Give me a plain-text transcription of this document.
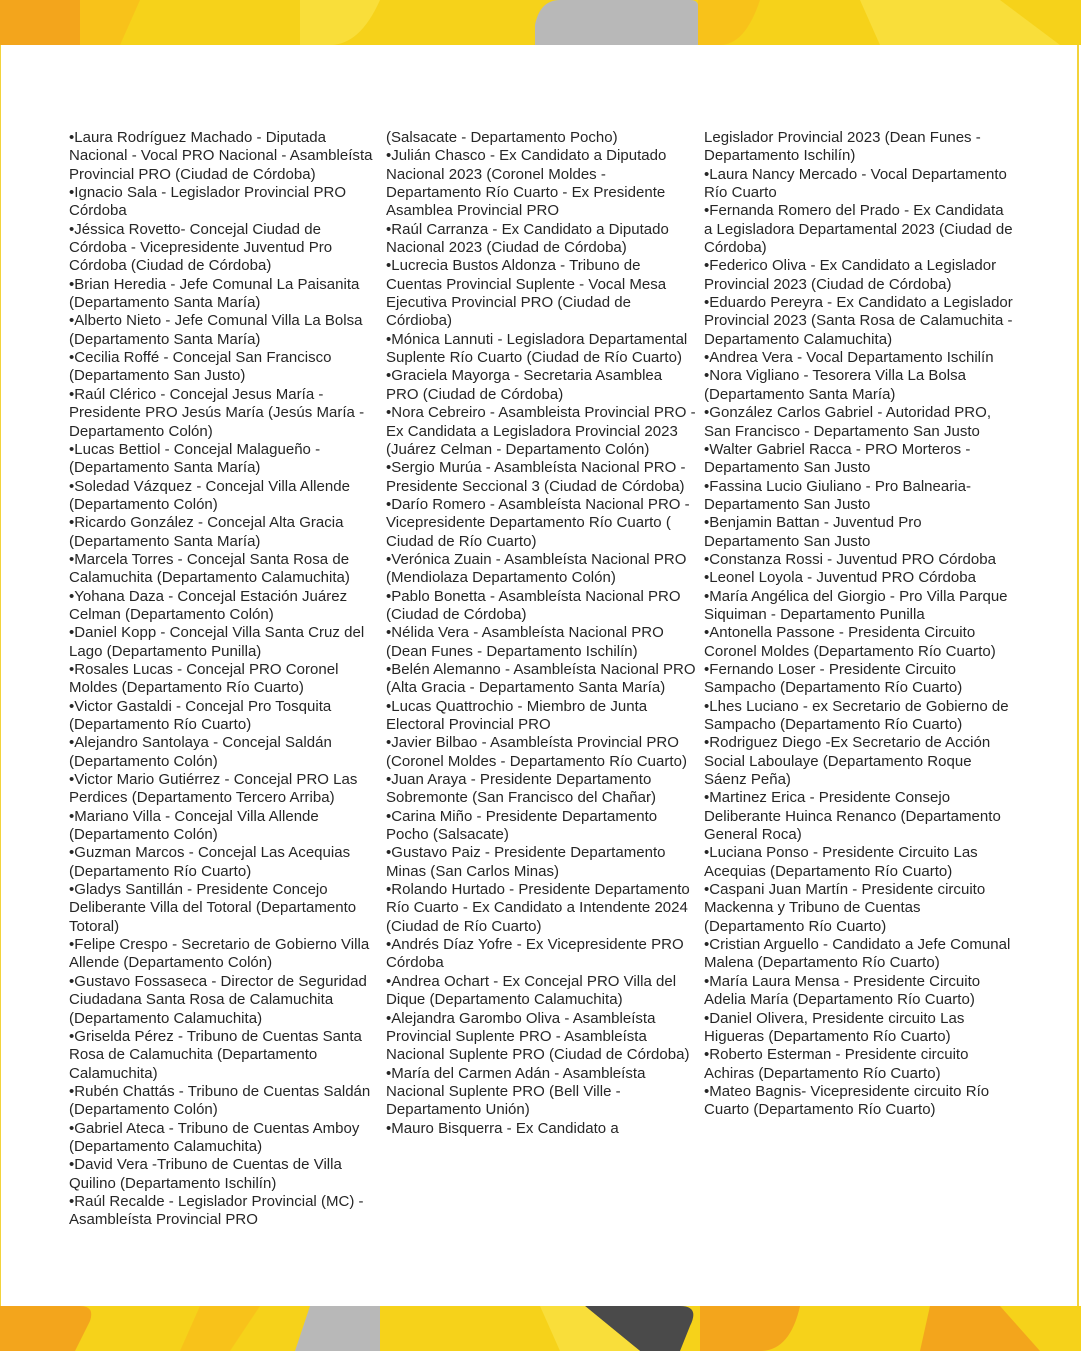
•Laura Rodríguez Machado - Diputada Nacional - Vocal PRO Nacional - Asambleísta Provincial PRO (Ciudad de Córdoba)

•Ignacio Sala - Legislador Provincial PRO Córdoba

•Jéssica Rovetto- Concejal Ciudad de Córdoba - Vicepresidente Juventud Pro Córdoba (Ciudad de Córdoba)

•Brian Heredia - Jefe Comunal La Paisanita (Departamento Santa María)

•Alberto Nieto - Jefe Comunal Villa La Bolsa (Departamento Santa María)

•Cecilia Roffé - Concejal San Francisco (Departamento San Justo)

•Raúl Clérico - Concejal Jesus María - Presidente PRO Jesús María (Jesús María - Departamento Colón)

•Lucas Bettiol - Concejal Malagueño - (Departamento Santa María)

•Soledad Vázquez - Concejal Villa Allende (Departamento Colón)

•Ricardo González - Concejal Alta Gracia (Departamento Santa María)

•Marcela Torres - Concejal Santa Rosa de Calamuchita (Departamento Calamuchita)

•Yohana Daza - Concejal Estación Juárez Celman (Departamento Colón)

•Daniel Kopp - Concejal Villa Santa Cruz del Lago (Departamento Punilla)

•Rosales Lucas - Concejal PRO Coronel Moldes (Departamento Río Cuarto)

•Victor Gastaldi - Concejal Pro Tosquita (Departamento Río Cuarto)

•Alejandro Santolaya - Concejal Saldán (Departamento Colón)

•Victor Mario Gutiérrez - Concejal PRO Las Perdices (Departamento Tercero Arriba)

•Mariano Villa - Concejal Villa Allende (Departamento Colón)

•Guzman Marcos - Concejal Las Acequias (Departamento Río Cuarto)

•Gladys Santillán - Presidente Concejo Deliberante Villa del Totoral (Departamento Totoral)

•Felipe Crespo - Secretario de Gobierno Villa Allende (Departamento Colón)

•Gustavo Fossaseca - Director de Seguridad Ciudadana Santa Rosa de Calamuchita (Departamento Calamuchita)

•Griselda Pérez - Tribuno de Cuentas Santa Rosa de Calamuchita (Departamento Calamuchita)

•Rubén Chattás - Tribuno de Cuentas Saldán (Departamento Colón)

•Gabriel Ateca - Tribuno de Cuentas Amboy (Departamento Calamuchita)

•David Vera -Tribuno de Cuentas de Villa Quilino (Departamento Ischilín)

•Raúl Recalde - Legislador Provincial (MC) - Asambleísta Provincial PRO

(Salsacate - Departamento Pocho)

•Julián Chasco - Ex Candidato a Diputado Nacional 2023 (Coronel Moldes - Departamento Río Cuarto - Ex Presidente Asamblea Provincial PRO

•Raúl Carranza - Ex Candidato a Diputado Nacional 2023 (Ciudad de Córdoba)

•Lucrecia Bustos Aldonza - Tribuno de Cuentas Provincial Suplente - Vocal Mesa Ejecutiva Provincial PRO (Ciudad de Córdioba)

•Mónica Lannuti - Legisladora Departamental Suplente Río Cuarto (Ciudad de Río Cuarto)

•Graciela Mayorga - Secretaria Asamblea PRO (Ciudad de Córdoba)

•Nora Cebreiro - Asambleista Provincial PRO - Ex Candidata a Legisladora Provincial 2023 (Juárez Celman - Departamento Colón)

•Sergio Murúa - Asambleísta Nacional PRO - Presidente Seccional 3 (Ciudad de Córdoba)

•Darío Romero - Asambleísta Nacional PRO - Vicepresidente Departamento Río Cuarto ( Ciudad de Río Cuarto)

•Verónica Zuain - Asambleísta Nacional PRO (Mendiolaza Departamento Colón)

•Pablo Bonetta - Asambleísta Nacional PRO (Ciudad de Córdoba)

•Nélida Vera - Asambleísta Nacional PRO (Dean Funes - Departamento Ischilín)

•Belén Alemanno - Asambleísta Nacional PRO (Alta Gracia - Departamento Santa María)

•Lucas Quattrochio - Miembro de Junta Electoral Provincial PRO

•Javier Bilbao - Asambleísta Provincial PRO (Coronel Moldes - Departamento Río Cuarto)

•Juan Araya - Presidente Departamento Sobremonte (San Francisco del Chañar)

•Carina Miño - Presidente Departamento Pocho (Salsacate)

•Gustavo Paiz - Presidente Departamento Minas (San Carlos Minas)

•Rolando Hurtado - Presidente Departamento Río Cuarto - Ex Candidato a Intendente 2024 (Ciudad de Río Cuarto)

•Andrés Díaz Yofre - Ex Vicepresidente PRO Córdoba

•Andrea Ochart - Ex Concejal PRO Villa del Dique (Departamento Calamuchita)

•Alejandra Garombo Oliva - Asambleísta Provincial Suplente PRO - Asambleísta Nacional Suplente PRO (Ciudad de Córdoba)

•María del Carmen Adán - Asambleísta Nacional Suplente PRO (Bell Ville - Departamento Unión)

•Mauro Bisquerra - Ex Candidato a

Legislador Provincial 2023 (Dean Funes - Departamento Ischilín)

•Laura Nancy Mercado - Vocal Departamento Río Cuarto

•Fernanda Romero del Prado - Ex Candidata a Legisladora Departamental 2023 (Ciudad de Córdoba)

•Federico Oliva - Ex Candidato a Legislador Provincial 2023 (Ciudad de Córdoba)

•Eduardo Pereyra - Ex Candidato a Legislador Provincial 2023 (Santa Rosa de Calamuchita - Departamento Calamuchita)

•Andrea Vera - Vocal Departamento Ischilín

•Nora Vigliano - Tesorera Villa La Bolsa (Departamento Santa María)

•González Carlos Gabriel - Autoridad PRO, San Francisco - Departamento San Justo

•Walter Gabriel Racca - PRO Morteros - Departamento San Justo

•Fassina Lucio Giuliano - Pro Balnearia-Departamento San Justo

•Benjamin Battan - Juventud Pro Departamento San Justo

•Constanza Rossi - Juventud PRO Córdoba

•Leonel Loyola - Juventud PRO Córdoba

•María Angélica del Giorgio - Pro Villa Parque Siquiman - Departamento Punilla

•Antonella Passone - Presidenta Circuito Coronel Moldes (Departamento Río Cuarto)

•Fernando Loser - Presidente Circuito Sampacho (Departamento Río Cuarto)

•Lhes Luciano - ex Secretario de Gobierno de Sampacho (Departamento Río Cuarto)

•Rodriguez Diego -Ex Secretario de Acción Social Laboulaye (Departamento Roque Sáenz Peña)

•Martinez Erica - Presidente Consejo Deliberante Huinca Renanco (Departamento General Roca)

•Luciana Ponso - Presidente Circuito Las Acequias (Departamento Río Cuarto)

•Caspani Juan Martín - Presidente circuito Mackenna y Tribuno de Cuentas (Departamento Río Cuarto)

•Cristian Arguello - Candidato a Jefe Comunal Malena (Departamento Río Cuarto)

•María Laura Mensa - Presidente Circuito Adelia María (Departamento Río Cuarto)

•Daniel Olivera, Presidente circuito Las Higueras (Departamento Río Cuarto)

•Roberto Esterman - Presidente circuito Achiras (Departamento Río Cuarto)

•Mateo Bagnis- Vicepresidente circuito Río Cuarto (Departamento Río Cuarto)
